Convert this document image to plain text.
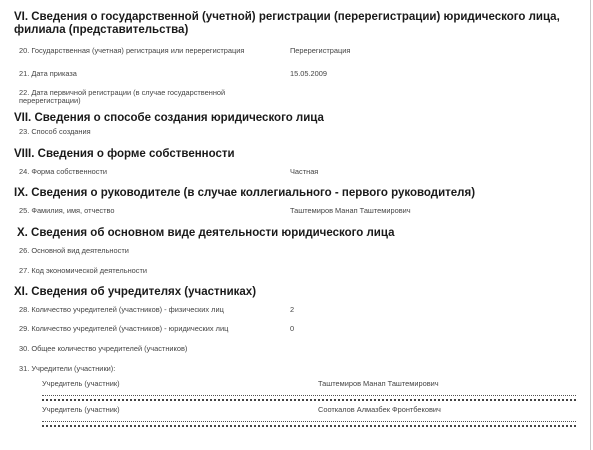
VI. Сведения о государственной (учетной) регистрации (перерегистрации) юридического лица,
филиала (представительства)
20. Государственная (учетная) регистрация или перерегистрация	Перерегистрация
21. Дата приказа	15.05.2009
22. Дата первичной регистрации (в случае государственной
перерегистрации)
VII. Сведения о способе создания юридического лица
23. Способ создания
VIII. Сведения о форме собственности
24. Форма собственности	Частная
IX. Сведения о руководителе (в случае коллегиального - первого руководителя)
25. Фамилия, имя, отчество	Таштемиров Манап Таштемирович
X. Сведения об основном виде деятельности юридического лица
26. Основной вид деятельности
27. Код экономической деятельности
XI. Сведения об учредителях (участниках)
28. Количество учредителей (участников) - физических лиц	2
29. Количество учредителей (участников) - юридических лиц	0
30. Общее количество учредителей (участников)
31. Учредители (участники):
Учредитель (участник)	Таштемиров Манап Таштемирович
Учредитель (участник)	Сооткалов Алмазбек Фронтбекович
